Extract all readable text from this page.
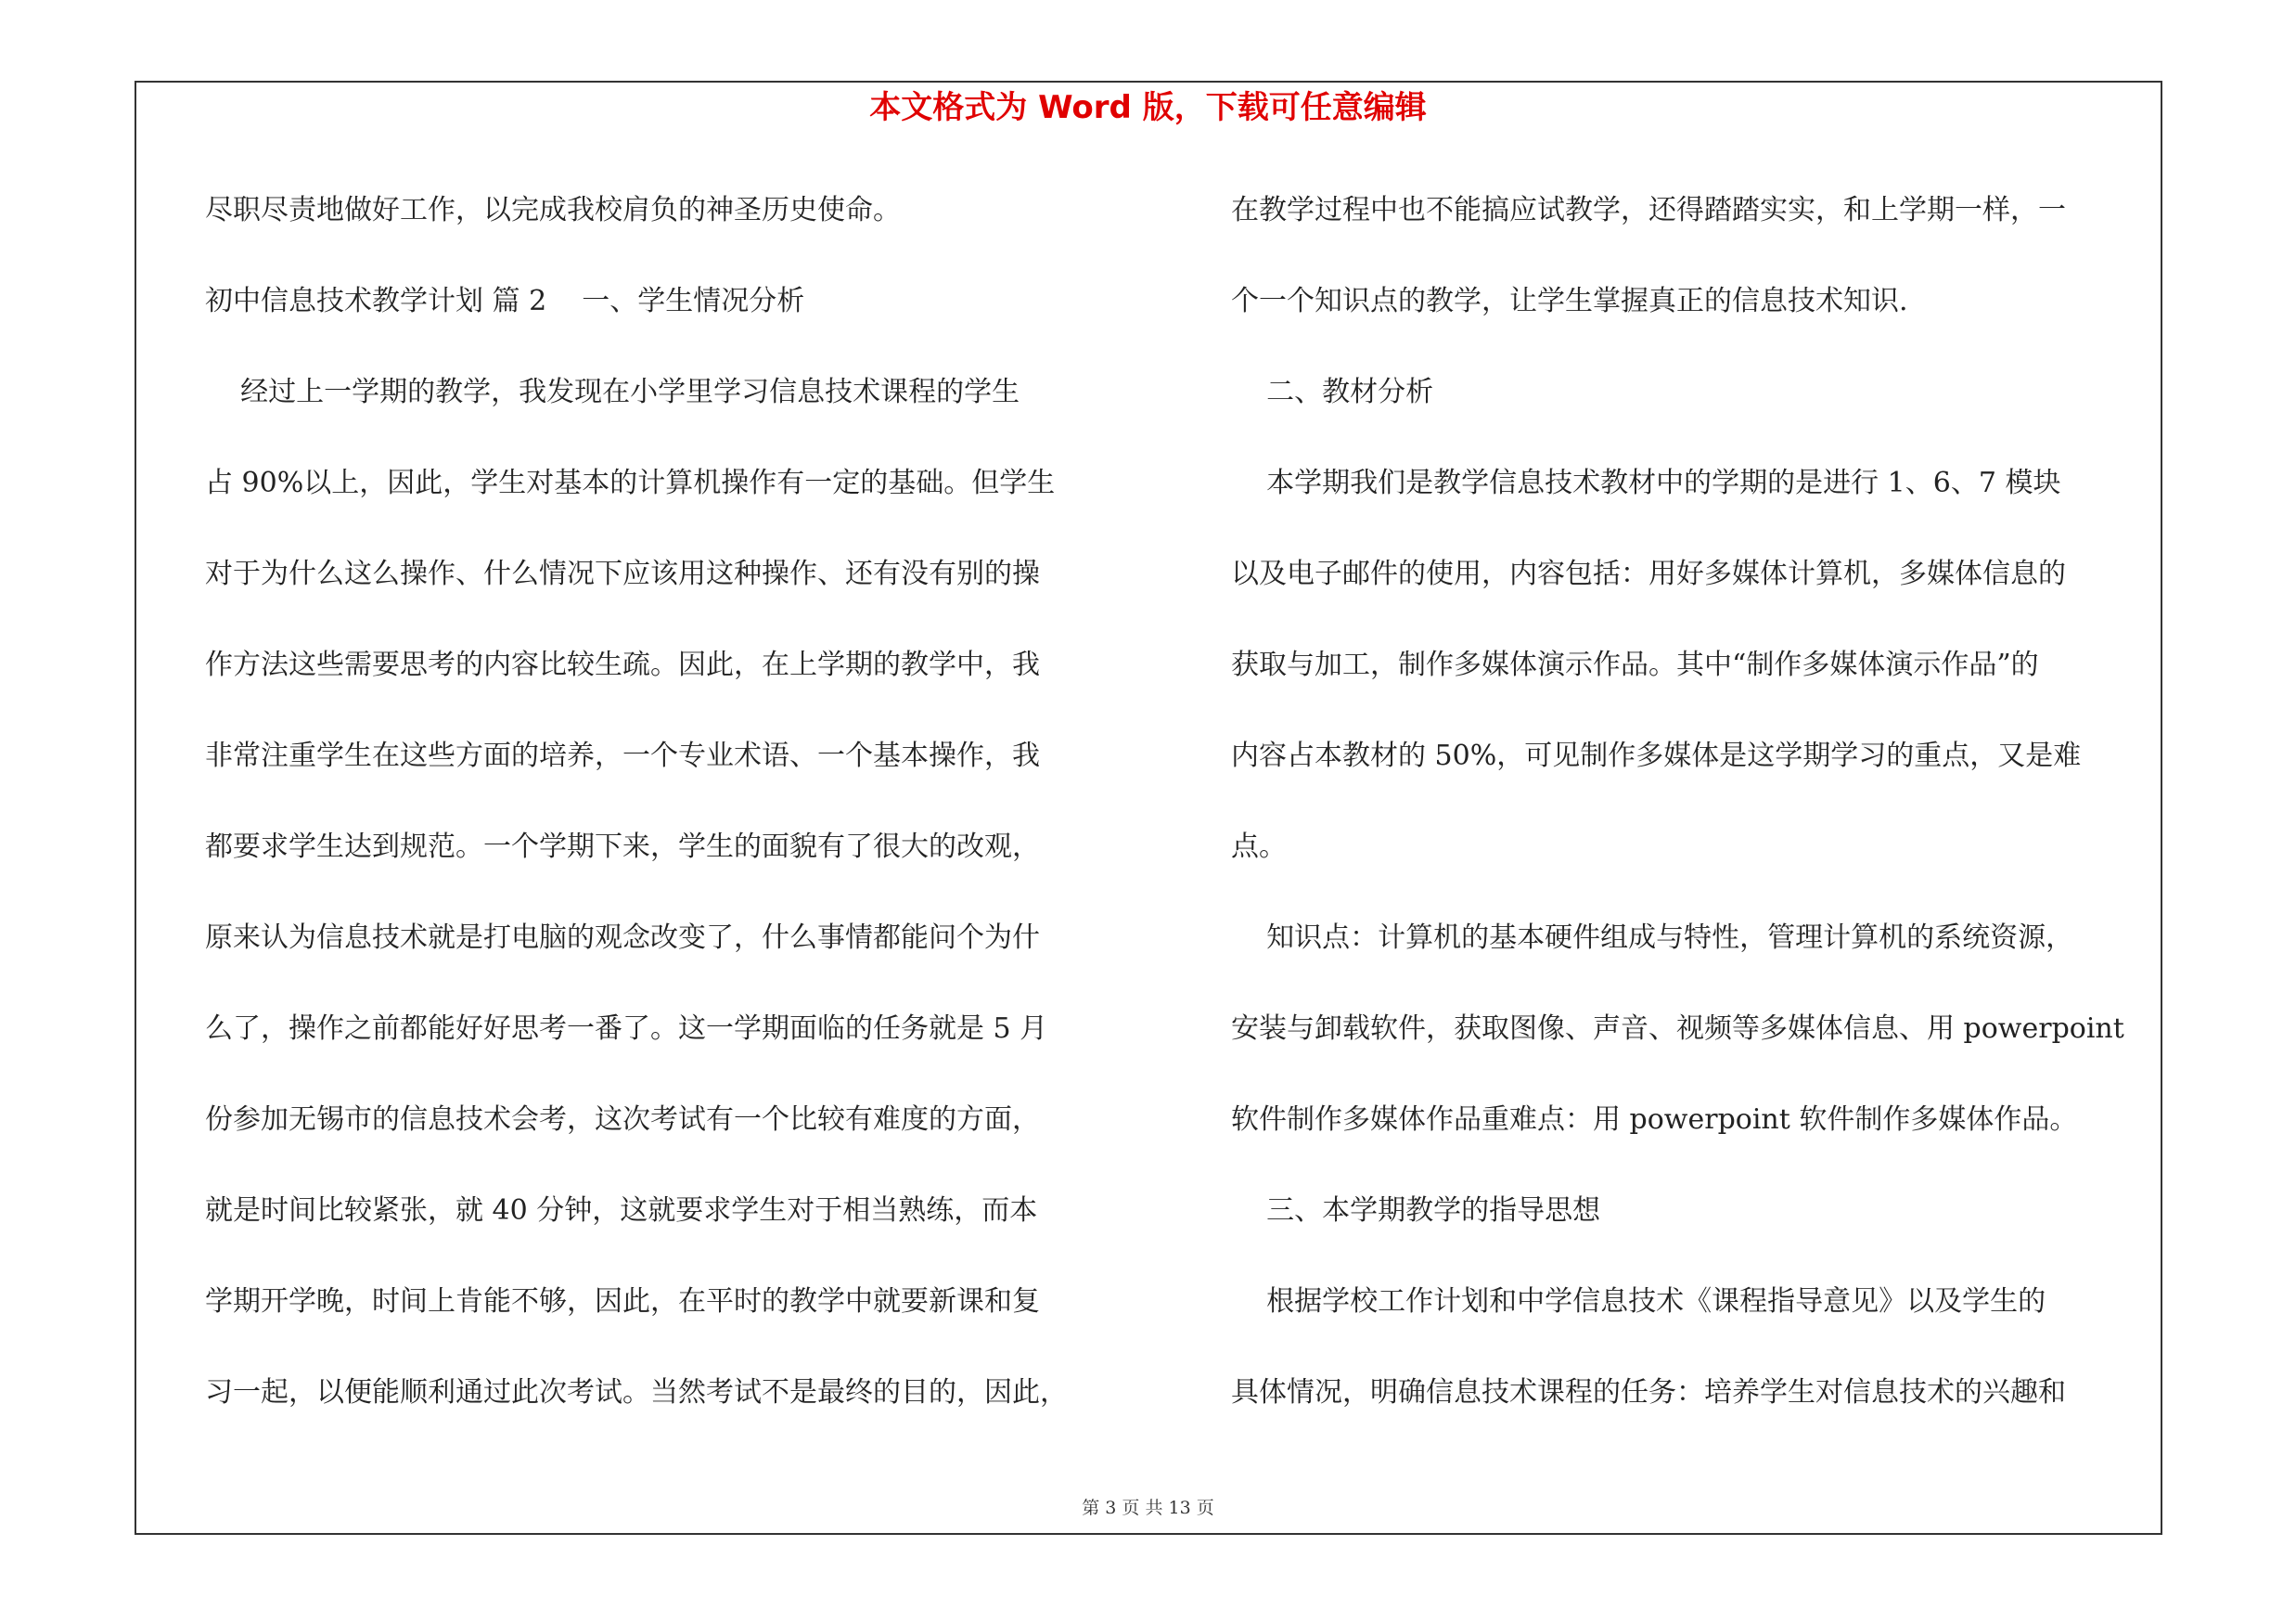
本文格式为 Word 版，下载可任意编辑
尽职尽责地做好工作，以完成我校肩负的神圣历史使命。
初中信息技术教学计划 篇 2    一、学生情况分析
经过上一学期的教学，我发现在小学里学习信息技术课程的学生
占 90%以上，因此，学生对基本的计算机操作有一定的基础。但学生
对于为什么这么操作、什么情况下应该用这种操作、还有没有别的操
作方法这些需要思考的内容比较生疏。因此，在上学期的教学中，我
非常注重学生在这些方面的培养，一个专业术语、一个基本操作，我
都要求学生达到规范。一个学期下来，学生的面貌有了很大的改观，
原来认为信息技术就是打电脑的观念改变了，什么事情都能问个为什
么了，操作之前都能好好思考一番了。这一学期面临的任务就是 5 月
份参加无锡市的信息技术会考，这次考试有一个比较有难度的方面，
就是时间比较紧张，就 40 分钟，这就要求学生对于相当熟练，而本
学期开学晚，时间上肯能不够，因此，在平时的教学中就要新课和复
习一起，以便能顺利通过此次考试。当然考试不是最终的目的，因此，
在教学过程中也不能搞应试教学，还得踏踏实实，和上学期一样，一
个一个知识点的教学，让学生掌握真正的信息技术知识.
二、教材分析
本学期我们是教学信息技术教材中的学期的是进行 1、6、7 模块
以及电子邮件的使用，内容包括：用好多媒体计算机，多媒体信息的
获取与加工，制作多媒体演示作品。其中“制作多媒体演示作品”的
内容占本教材的 50%，可见制作多媒体是这学期学习的重点，又是难
点。
知识点：计算机的基本硬件组成与特性，管理计算机的系统资源，
安装与卸载软件，获取图像、声音、视频等多媒体信息、用 powerpoint
软件制作多媒体作品重难点：用 powerpoint 软件制作多媒体作品。
三、本学期教学的指导思想
根据学校工作计划和中学信息技术《课程指导意见》以及学生的
具体情况，明确信息技术课程的任务：培养学生对信息技术的兴趣和
第 3 页 共 13 页
